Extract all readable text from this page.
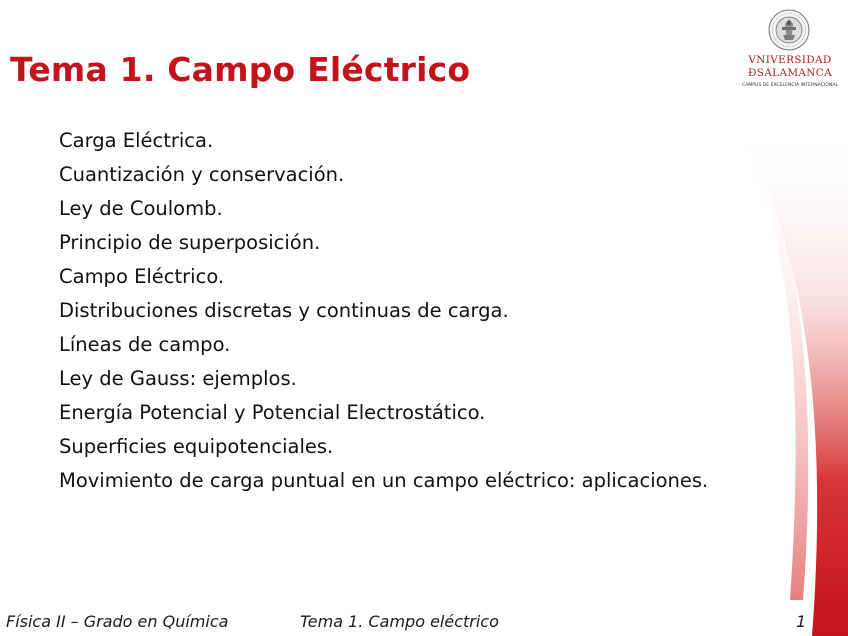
Tema 1. Campo Eléctrico
Carga Eléctrica.
Cuantización y conservación.
Ley de Coulomb.
Principio de superposición.
Campo Eléctrico.
Distribuciones discretas y continuas de carga.
Líneas de campo.
Ley de Gauss: ejemplos.
Energía Potencial y Potencial Electrostático.
Superficies equipotenciales.
Movimiento de carga puntual en un campo eléctrico: aplicaciones.
VNIVERSIDAD
ÐSALAMANCA
CAMPUS DE EXCELENCIA INTERNACIONAL
Física II – Grado en Química	Tema 1. Campo eléctrico	1
